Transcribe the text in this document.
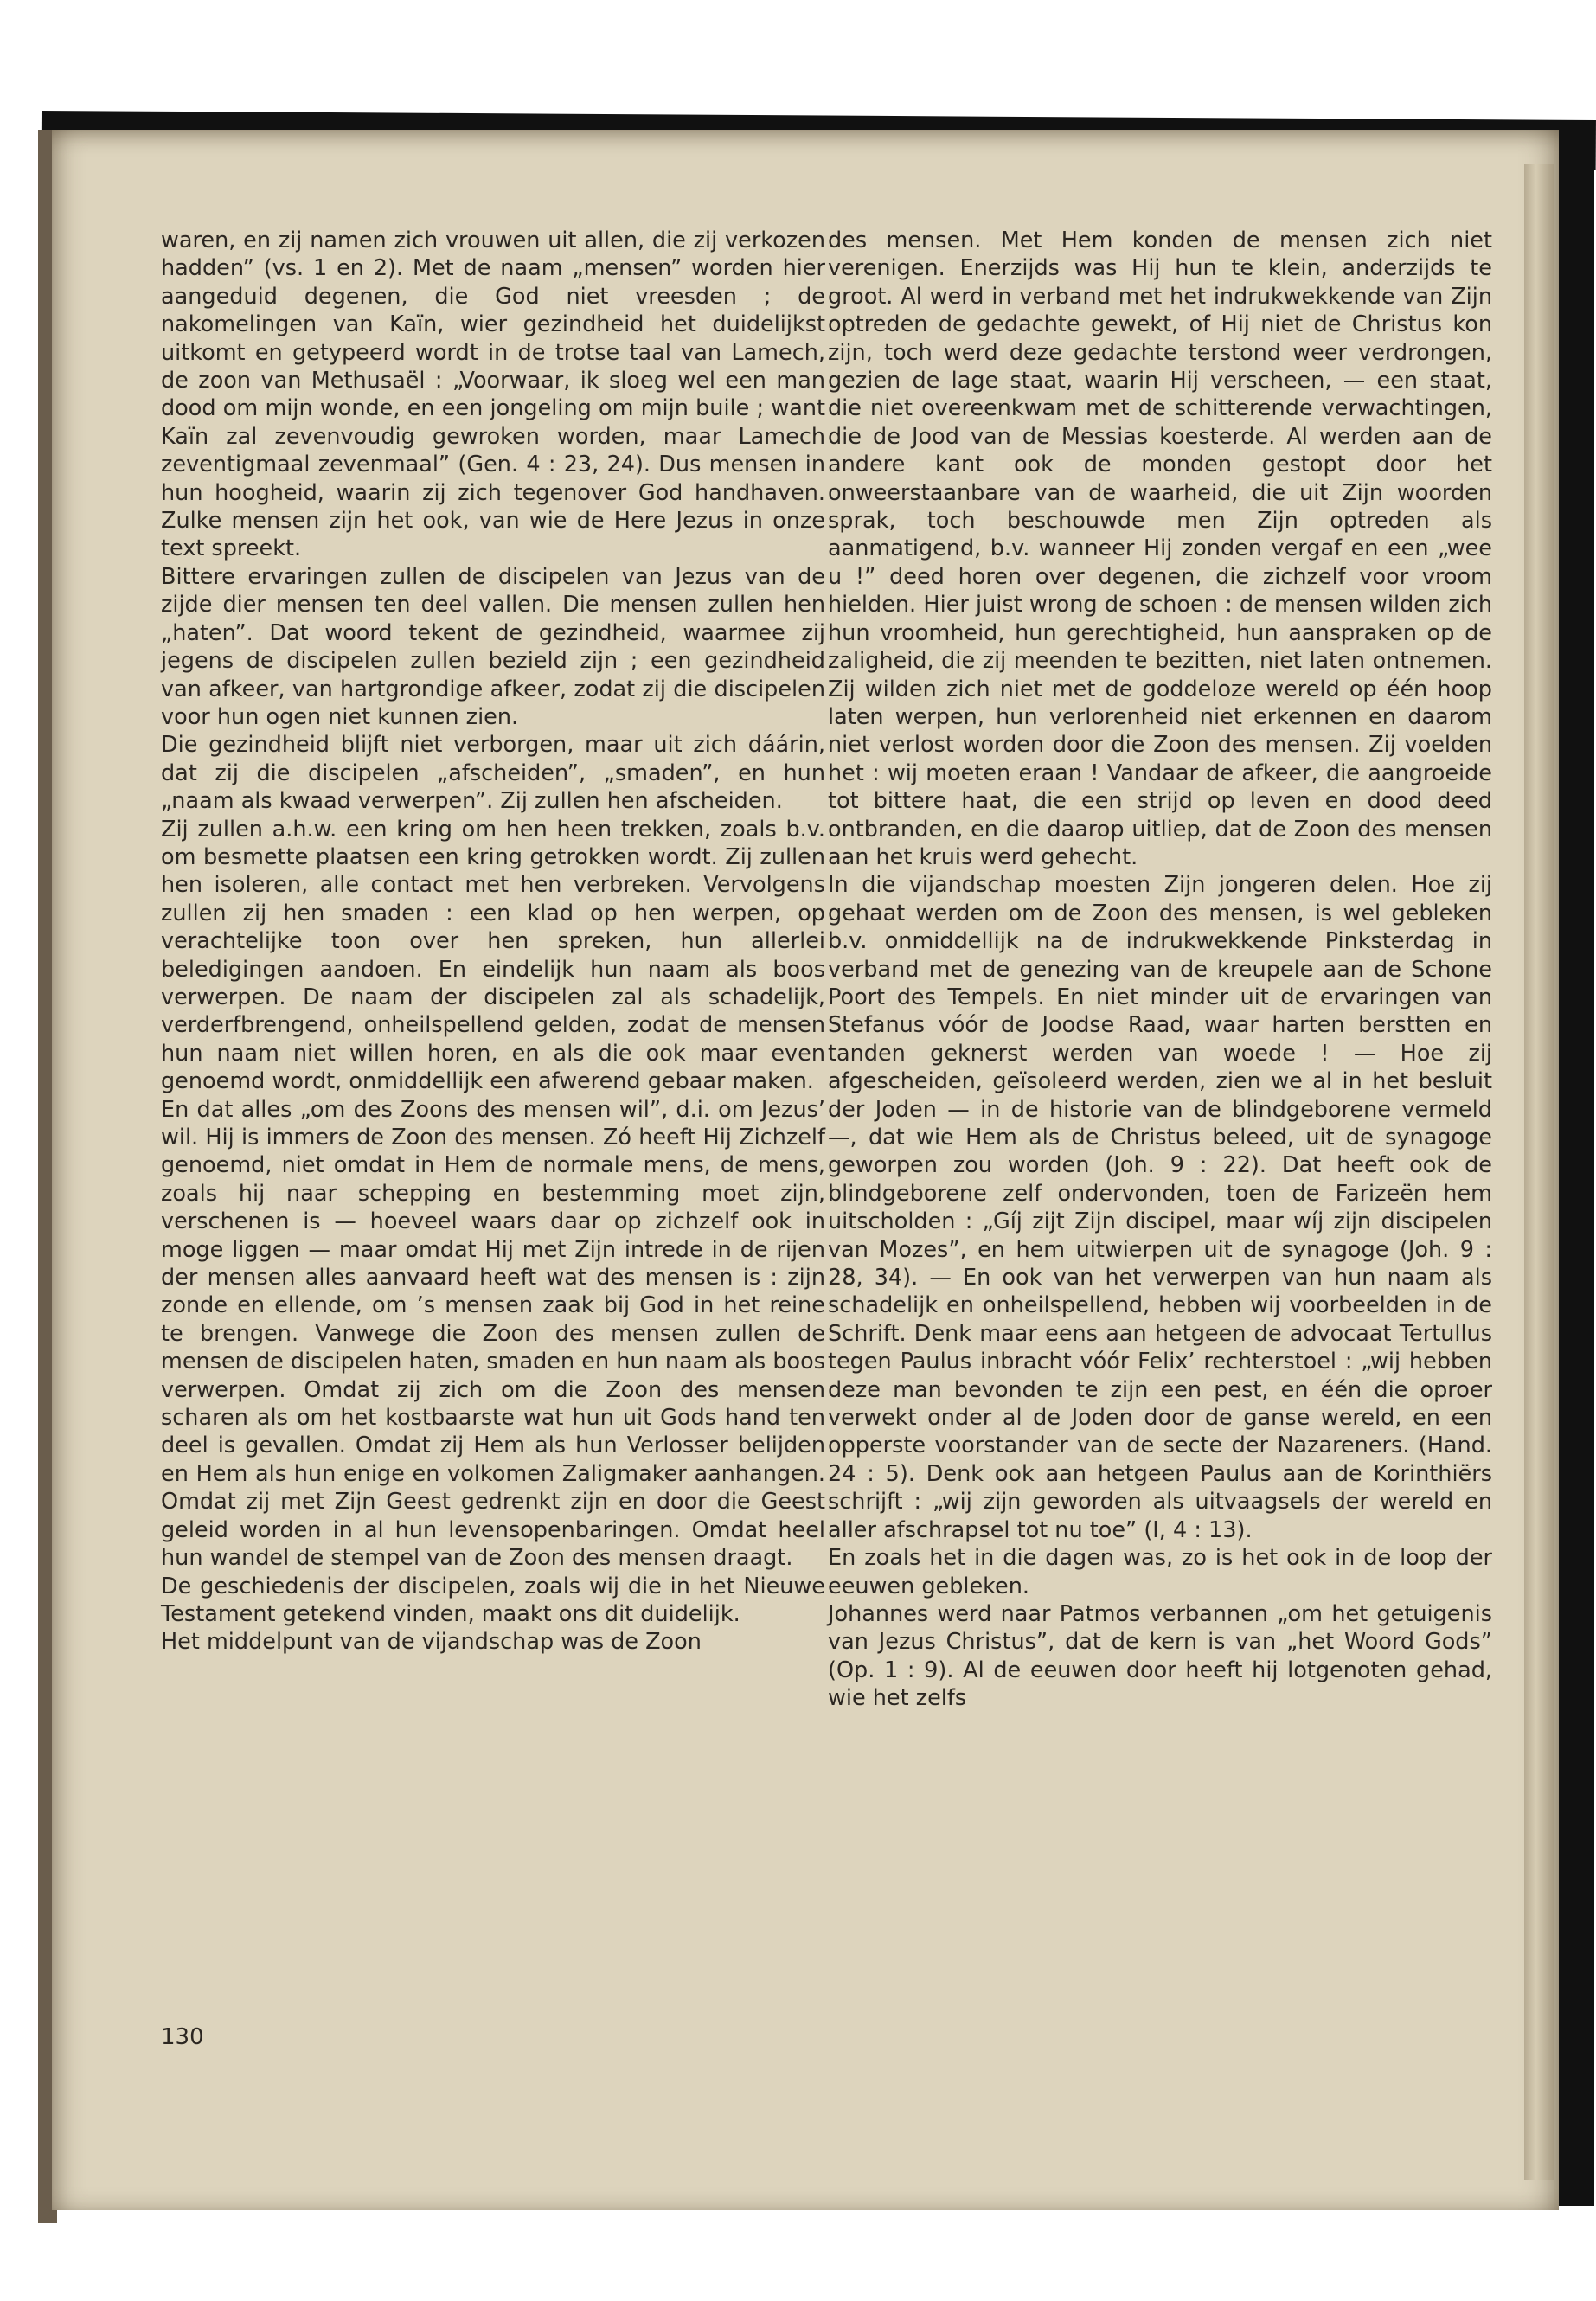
waren, en zij namen zich vrouwen uit allen, die zij verkozen hadden” (vs. 1 en 2). Met de naam „mensen” worden hier aangeduid degenen, die God niet vreesden ; de nakomelingen van Kaïn, wier gezindheid het duidelijkst uitkomt en getypeerd wordt in de trotse taal van Lamech, de zoon van Methusaël : „Voorwaar, ik sloeg wel een man dood om mijn wonde, en een jongeling om mijn buile ; want Kaïn zal zevenvoudig gewroken worden, maar Lamech zeventigmaal zevenmaal” (Gen. 4 : 23, 24). Dus mensen in hun hoogheid, waarin zij zich tegenover God handhaven. Zulke mensen zijn het ook, van wie de Here Jezus in onze text spreekt.

Bittere ervaringen zullen de discipelen van Jezus van de zijde dier mensen ten deel vallen. Die mensen zullen hen „haten”. Dat woord tekent de gezindheid, waarmee zij jegens de discipelen zullen bezield zijn ; een gezindheid van afkeer, van hartgrondige afkeer, zodat zij die discipelen voor hun ogen niet kunnen zien.

Die gezindheid blijft niet verborgen, maar uit zich dáárin, dat zij die discipelen „afscheiden”, „smaden”, en hun „naam als kwaad verwerpen”. Zij zullen hen afscheiden.

Zij zullen a.h.w. een kring om hen heen trekken, zoals b.v. om besmette plaatsen een kring getrokken wordt. Zij zullen hen isoleren, alle contact met hen verbreken. Vervolgens zullen zij hen smaden : een klad op hen werpen, op verachtelijke toon over hen spreken, hun allerlei beledigingen aandoen. En eindelijk hun naam als boos verwerpen. De naam der discipelen zal als schadelijk, verderfbrengend, onheilspellend gelden, zodat de mensen hun naam niet willen horen, en als die ook maar even genoemd wordt, onmiddellijk een afwerend gebaar maken.

En dat alles „om des Zoons des mensen wil”, d.i. om Jezus’ wil. Hij is immers de Zoon des mensen. Zó heeft Hij Zichzelf genoemd, niet omdat in Hem de normale mens, de mens, zoals hij naar schepping en bestemming moet zijn, verschenen is — hoeveel waars daar op zichzelf ook in moge liggen — maar omdat Hij met Zijn intrede in de rijen der mensen alles aanvaard heeft wat des mensen is : zijn zonde en ellende, om ’s mensen zaak bij God in het reine te brengen. Vanwege die Zoon des mensen zullen de mensen de discipelen haten, smaden en hun naam als boos verwerpen. Omdat zij zich om die Zoon des mensen scharen als om het kostbaarste wat hun uit Gods hand ten deel is gevallen. Omdat zij Hem als hun Verlosser belijden en Hem als hun enige en volkomen Zaligmaker aanhangen. Omdat zij met Zijn Geest gedrenkt zijn en door die Geest geleid worden in al hun levensopenbaringen. Omdat heel hun wandel de stempel van de Zoon des mensen draagt.

De geschiedenis der discipelen, zoals wij die in het Nieuwe Testament getekend vinden, maakt ons dit duidelijk.

Het middelpunt van de vijandschap was de Zoon

des mensen. Met Hem konden de mensen zich niet verenigen. Enerzijds was Hij hun te klein, anderzijds te groot. Al werd in verband met het indrukwekkende van Zijn optreden de gedachte gewekt, of Hij niet de Christus kon zijn, toch werd deze gedachte terstond weer verdrongen, gezien de lage staat, waarin Hij verscheen, — een staat, die niet overeenkwam met de schitterende verwachtingen, die de Jood van de Messias koesterde. Al werden aan de andere kant ook de monden gestopt door het onweerstaanbare van de waarheid, die uit Zijn woorden sprak, toch beschouwde men Zijn optreden als aanmatigend, b.v. wanneer Hij zonden vergaf en een „wee u !” deed horen over degenen, die zichzelf voor vroom hielden. Hier juist wrong de schoen : de mensen wilden zich hun vroomheid, hun gerechtigheid, hun aanspraken op de zaligheid, die zij meenden te bezitten, niet laten ontnemen. Zij wilden zich niet met de goddeloze wereld op één hoop laten werpen, hun verlorenheid niet erkennen en daarom niet verlost worden door die Zoon des mensen. Zij voelden het : wij moeten eraan ! Vandaar de afkeer, die aangroeide tot bittere haat, die een strijd op leven en dood deed ontbranden, en die daarop uitliep, dat de Zoon des mensen aan het kruis werd gehecht.

In die vijandschap moesten Zijn jongeren delen. Hoe zij gehaat werden om de Zoon des mensen, is wel gebleken b.v. onmiddellijk na de indrukwekkende Pinksterdag in verband met de genezing van de kreupele aan de Schone Poort des Tempels. En niet minder uit de ervaringen van Stefanus vóór de Joodse Raad, waar harten berstten en tanden geknerst werden van woede ! — Hoe zij afgescheiden, geïsoleerd werden, zien we al in het besluit der Joden — in de historie van de blindgeborene vermeld —, dat wie Hem als de Christus beleed, uit de synagoge geworpen zou worden (Joh. 9 : 22). Dat heeft ook de blindgeborene zelf ondervonden, toen de Farizeën hem uitscholden : „Gíj zijt Zijn discipel, maar wíj zijn discipelen van Mozes”, en hem uitwierpen uit de synagoge (Joh. 9 : 28, 34). — En ook van het verwerpen van hun naam als schadelijk en onheilspellend, hebben wij voorbeelden in de Schrift. Denk maar eens aan hetgeen de advocaat Tertullus tegen Paulus inbracht vóór Felix’ rechterstoel : „wij hebben deze man bevonden te zijn een pest, en één die oproer verwekt onder al de Joden door de ganse wereld, en een opperste voorstander van de secte der Nazareners. (Hand. 24 : 5). Denk ook aan hetgeen Paulus aan de Korinthiërs schrijft : „wij zijn geworden als uitvaagsels der wereld en aller afschrapsel tot nu toe” (I, 4 : 13).

En zoals het in die dagen was, zo is het ook in de loop der eeuwen gebleken.

Johannes werd naar Patmos verbannen „om het getuigenis van Jezus Christus”, dat de kern is van „het Woord Gods” (Op. 1 : 9). Al de eeuwen door heeft hij lotgenoten gehad, wie het zelfs

130
